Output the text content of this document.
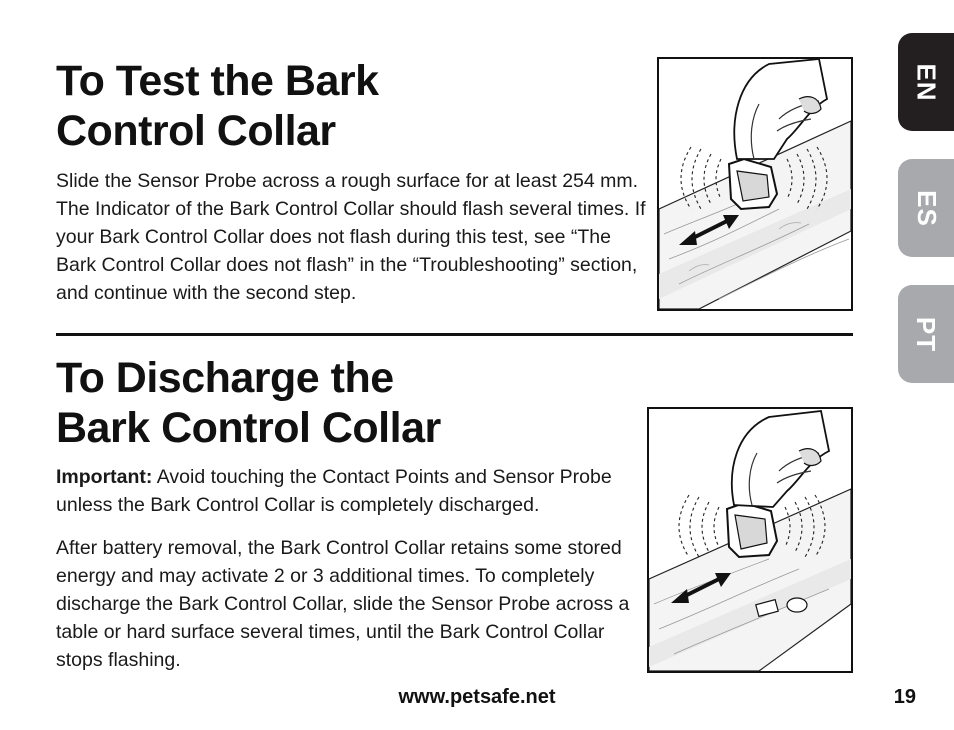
To Test the Bark
Control Collar

Slide the Sensor Probe across a rough surface for at least 254 mm. The Indicator of the Bark Control Collar should flash several times. If your Bark Control Collar does not flash during this test, see “The Bark Control Collar does not flash” in the “Troubleshooting” section, and continue with the second step.

To Discharge the
Bark Control Collar

Important: Avoid touching the Contact Points and Sensor Probe unless the Bark Control Collar is completely discharged.

After battery removal, the Bark Control Collar retains some stored energy and may activate 2 or 3 additional times. To completely discharge the Bark Control Collar, slide the Sensor Probe across a table or hard surface several times, until the Bark Control Collar stops flashing.

EN
ES
PT
www.petsafe.net	19
